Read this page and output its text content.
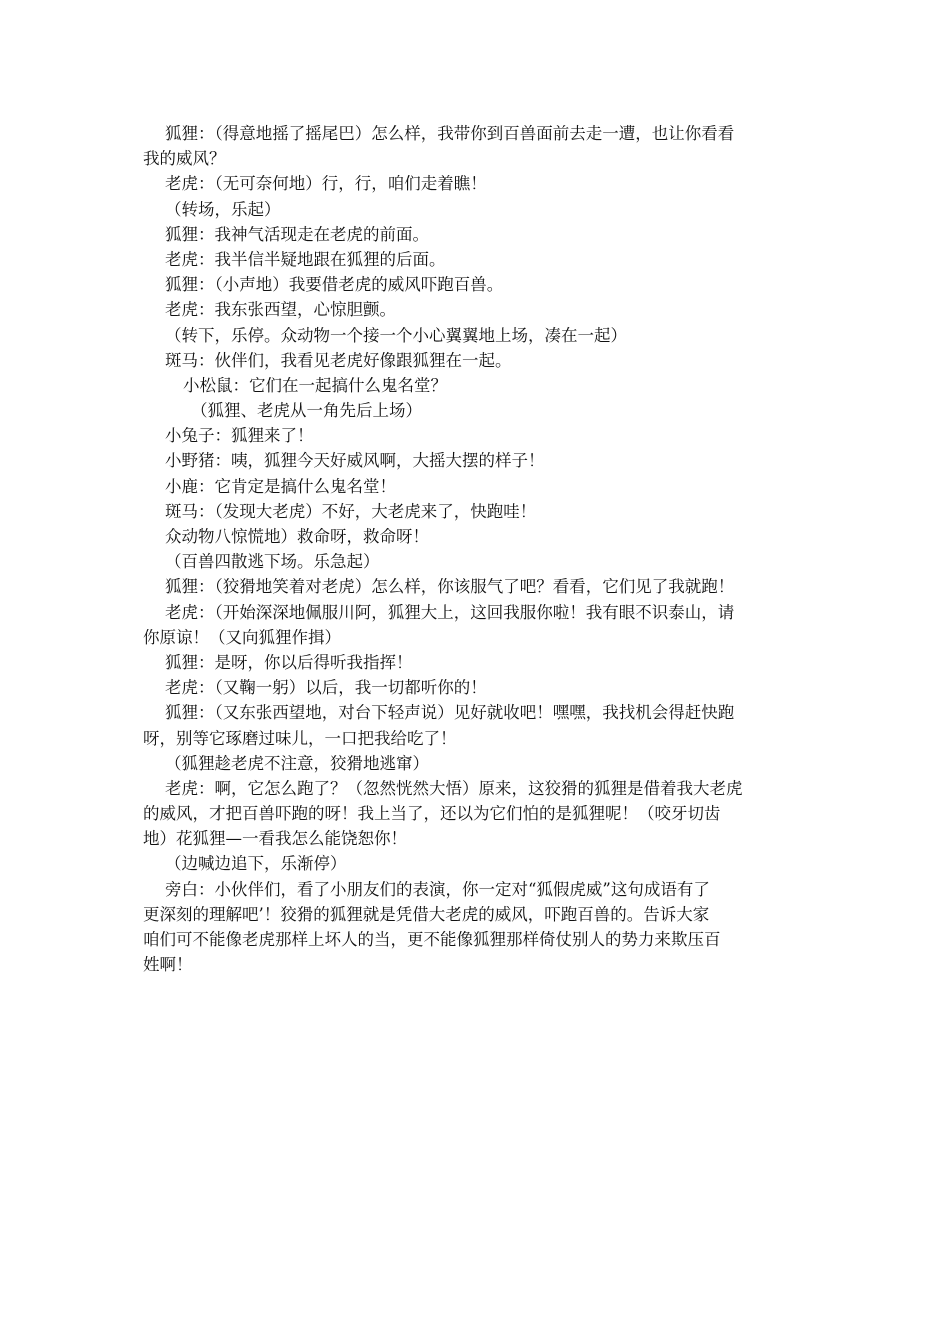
狐狸：（得意地摇了摇尾巴）怎么样，我带你到百兽面前去走一遭，也让你看看
我的威风？
老虎：（无可奈何地）行，行，咱们走着瞧！
（转场，乐起）
狐狸：我神气活现走在老虎的前面。
老虎：我半信半疑地跟在狐狸的后面。
狐狸：（小声地）我要借老虎的威风吓跑百兽。
老虎：我东张西望，心惊胆颤。
（转下，乐停。众动物一个接一个小心翼翼地上场，凑在一起）
斑马：伙伴们，我看见老虎好像跟狐狸在一起。
小松鼠：它们在一起搞什么鬼名堂？
（狐狸、老虎从一角先后上场）
小兔子：狐狸来了！
小野猪：咦，狐狸今天好威风啊，大摇大摆的样子！
小鹿：它肯定是搞什么鬼名堂！
斑马：（发现大老虎）不好，大老虎来了，快跑哇！
众动物八惊慌地）救命呀，救命呀！
（百兽四散逃下场。乐急起）
狐狸：（狡猾地笑着对老虎）怎么样，你该服气了吧？看看，它们见了我就跑！
老虎：（开始深深地佩服川阿，狐狸大上，这回我服你啦！我有眼不识泰山，请
你原谅！（又向狐狸作揖）
狐狸：是呀，你以后得听我指挥！
老虎：（又鞠一躬）以后，我一切都听你的！
狐狸：（又东张西望地，对台下轻声说）见好就收吧！嘿嘿，我找机会得赶快跑
呀，别等它琢磨过味儿，一口把我给吃了！
（狐狸趁老虎不注意，狡猾地逃窜）
老虎：啊，它怎么跑了？（忽然恍然大悟）原来，这狡猾的狐狸是借着我大老虎
的威风，才把百兽吓跑的呀！我上当了，还以为它们怕的是狐狸呢！（咬牙切齿
地）花狐狸—一看我怎么能饶恕你！
（边喊边追下，乐渐停）
旁白：小伙伴们，看了小朋友们的表演，你一定对“狐假虎威”这句成语有了
更深刻的理解吧’！狡猾的狐狸就是凭借大老虎的威风，吓跑百兽的。告诉大家
咱们可不能像老虎那样上坏人的当，更不能像狐狸那样倚仗别人的势力来欺压百
姓啊！
